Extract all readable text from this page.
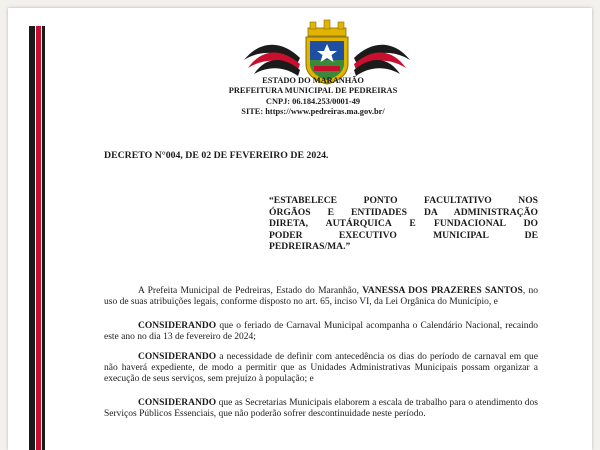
ESTADO DO MARANHÃO
PREFEITURA MUNICIPAL DE PEDREIRAS
CNPJ: 06.184.253/0001-49
SITE: https://www.pedreiras.ma.gov.br/
DECRETO N°004, DE 02 DE FEVEREIRO DE 2024.
“ESTABELECE PONTO FACULTATIVO NOS
ÓRGÃOS E ENTIDADES DA ADMINISTRAÇÃO
DIRETA, AUTÁRQUICA E FUNDACIONAL DO
PODER EXECUTIVO MUNICIPAL DE
PEDREIRAS/MA.”

A Prefeita Municipal de Pedreiras, Estado do Maranhão, VANESSA DOS PRAZERES SANTOS, no uso de suas atribuições legais, conforme disposto no art. 65, inciso VI, da Lei Orgânica do Município, e

CONSIDERANDO que o feriado de Carnaval Municipal acompanha o Calendário Nacional, recaindo este ano no dia 13 de fevereiro de 2024;

CONSIDERANDO a necessidade de definir com antecedência os dias do período de carnaval em que não haverá expediente, de modo a permitir que as Unidades Administrativas Municipais possam organizar a execução de seus serviços, sem prejuízo à população; e

CONSIDERANDO que as Secretarias Municipais elaborem a escala de trabalho para o atendimento dos Serviços Públicos Essenciais, que não poderão sofrer descontinuidade neste período.
